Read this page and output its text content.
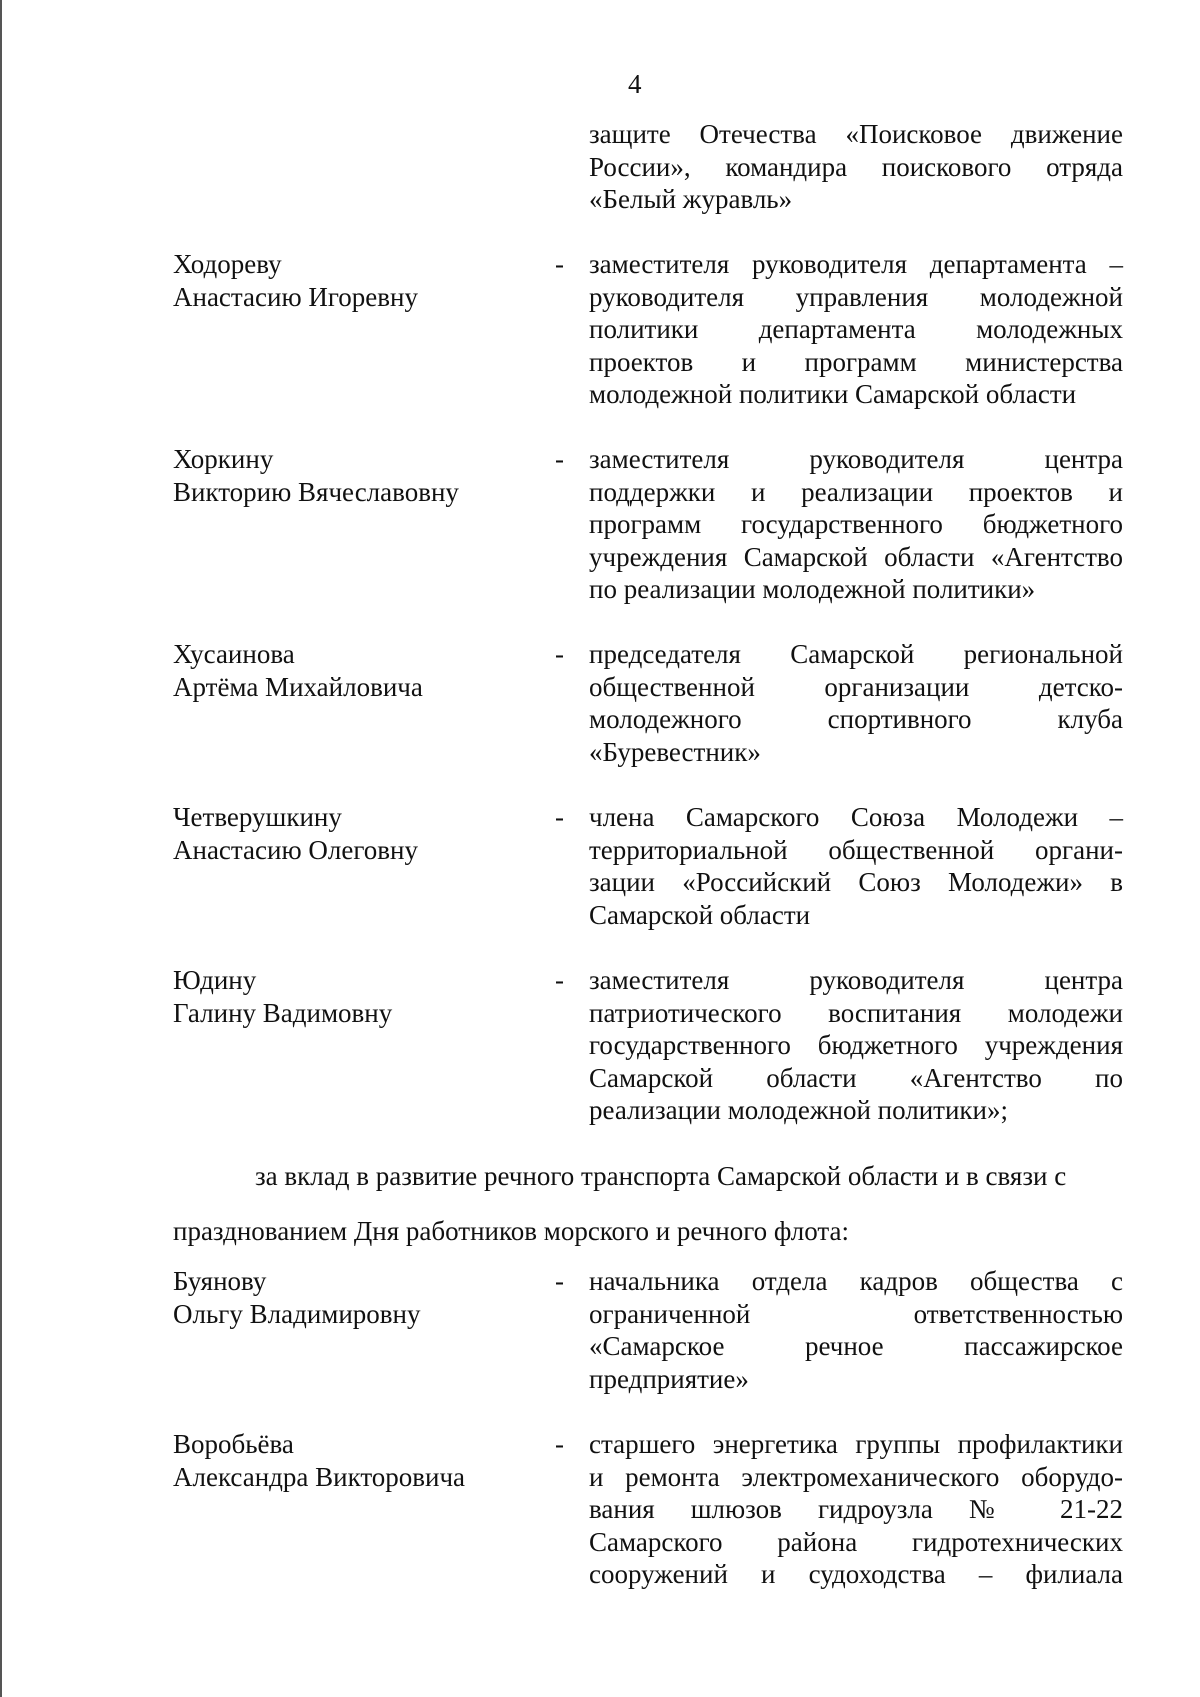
4
защите Отечества «Поисковое движение
России», командира поискового отряда
«Белый журавль»
Ходореву
Анастасию Игоревну
- заместителя руководителя департамента –
руководителя управления молодежной
политики департамента молодежных
проектов и программ министерства
молодежной политики Самарской области
Хоркину
Викторию Вячеславовну
- заместителя руководителя центра
поддержки и реализации проектов и
программ государственного бюджетного
учреждения Самарской области «Агентство
по реализации молодежной политики»
Хусаинова
Артёма Михайловича
- председателя Самарской региональной
общественной организации детско-
молодежного спортивного клуба
«Буревестник»
Четверушкину
Анастасию Олеговну
- члена Самарского Союза Молодежи –
территориальной общественной органи-
зации «Российский Союз Молодежи» в
Самарской области
Юдину
Галину Вадимовну
- заместителя руководителя центра
патриотического воспитания молодежи
государственного бюджетного учреждения
Самарской области «Агентство по
реализации молодежной политики»;
за вклад в развитие речного транспорта Самарской области и в связи с
празднованием Дня работников морского и речного флота:
Буянову
Ольгу Владимировну
- начальника отдела кадров общества с
ограниченной ответственностью
«Самарское речное пассажирское
предприятие»
Воробьёва
Александра Викторовича
- старшего энергетика группы профилактики
и ремонта электромеханического оборудо-
вания шлюзов гидроузла № 21-22
Самарского района гидротехнических
сооружений и судоходства – филиала
